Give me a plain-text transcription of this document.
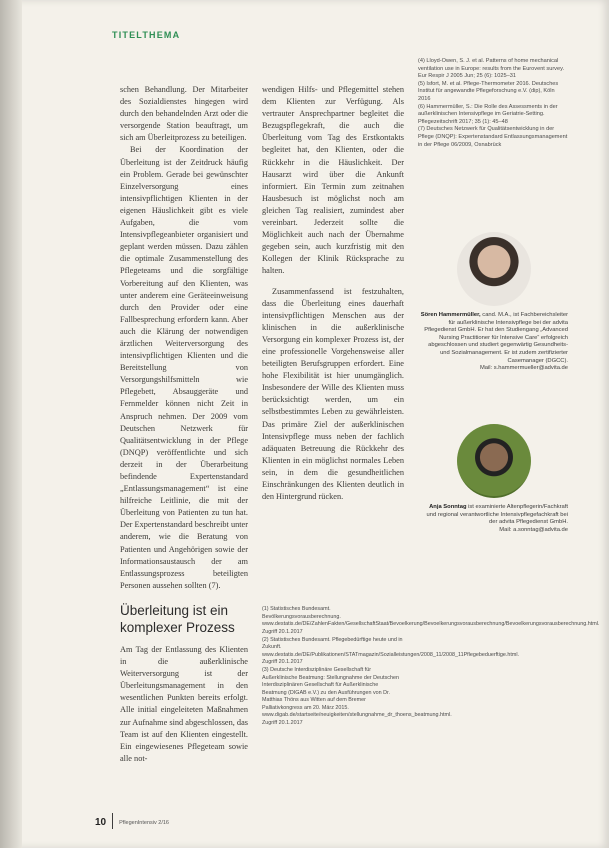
TITELTHEMA

schen Behandlung. Der Mitarbeiter des Sozialdienstes hingegen wird durch den behandelnden Arzt oder die versorgende Station beauftragt, um sich am Überleitprozess zu beteiligen.

Bei der Koordination der Überleitung ist der Zeitdruck häufig ein Problem. Gerade bei gewünschter Einzelversorgung eines intensivpflichtigen Klienten in der eigenen Häuslichkeit gibt es viele Aufgaben, die vom Intensivpflegeanbieter organisiert und geplant werden müssen. Dazu zählen die optimale Zusammenstellung des Pflegeteams und die sorgfältige Vorbereitung auf den Klienten, was unter anderem eine Geräteeinweisung durch den Provider oder eine Fallbesprechung erfordern kann. Aber auch die Klärung der notwendigen ärztlichen Weiterversorgung des intensivpflichtigen Klienten und die Bereitstellung von Versorgungshilfsmitteln wie Pflegebett, Absauggeräte und Fernmelder können nicht Zeit in Anspruch nehmen. Der 2009 vom Deutschen Netzwerk für Qualitätsentwicklung in der Pflege (DNQP) veröffentlichte und sich derzeit in der Überarbeitung befindende Expertenstandard „Entlassungsmanagement“ ist eine hilfreiche Leitlinie, die mit der Überleitung von Patienten zu tun hat. Der Expertenstandard beschreibt unter anderem, wie die Beratung von Patienten und Angehörigen sowie der Informationsaustausch der am Entlassungsprozess beteiligten Personen aussehen sollten (7).

Überleitung ist ein komplexer Prozess

Am Tag der Entlassung des Klienten in die außerklinische Weiterversorgung ist der Überleitungsmanagement in den wesentlichen Punkten bereits erfolgt. Alle initial eingeleiteten Maßnahmen zur Aufnahme sind abgeschlossen, das Team ist auf den Klienten eingestellt. Ein eingewiesenes Pflegeteam sowie alle not-

wendigen Hilfs- und Pflegemittel stehen dem Klienten zur Verfügung. Als vertrauter Ansprechpartner begleitet die Bezugspflegekraft, die auch die Überleitung vom Tag des Erstkontakts begleitet hat, den Klienten, oder die Rückkehr in die Häuslichkeit. Der Hausarzt wird über die Ankunft informiert. Ein Termin zum zeitnahen Hausbesuch ist möglichst noch am gleichen Tag realisiert, zumindest aber vereinbart. Jederzeit sollte die Möglichkeit auch nach der Übernahme gegeben sein, auch kurzfristig mit den Kollegen der Klinik Rücksprache zu halten.

Zusammenfassend ist festzuhalten, dass die Überleitung eines dauerhaft intensivpflichtigen Menschen aus der klinischen in die außerklinische Versorgung ein komplexer Prozess ist, der eine professionelle Vorgehensweise aller beteiligten Berufsgruppen erfordert. Eine hohe Flexibilität ist hier unumgänglich. Insbesondere der Wille des Klienten muss berücksichtigt werden, um ein selbstbestimmtes Leben zu gewährleisten. Das primäre Ziel der außerklinischen Intensivpflege muss neben der fachlich adäquaten Betreuung die Rückkehr des Klienten in ein möglichst normales Leben sein, in dem die gesundheitlichen Einschränkungen des Klienten deutlich in den Hintergrund rücken.

(1) Statistisches Bundesamt. Bevölkerungsvorausberechnung. www.destatis.de/DE/ZahlenFakten/GesellschaftStaat/Bevoelkerung/Bevoelkerungsvorausberechnung/Bevoelkerungsvorausberechnung.html. Zugriff 20.1.2017
(2) Statistisches Bundesamt. Pflegebedürftige heute und in Zukunft. www.destatis.de/DE/Publikationen/STATmagazin/Sozialleistungen/2008_11/2008_11Pflegebeduerftige.html. Zugriff 20.1.2017
(3) Deutsche Interdisziplinäre Gesellschaft für Außerklinische Beatmung: Stellungnahme der Deutschen Interdisziplinären Gesellschaft für Außerklinische Beatmung (DIGAB e.V.) zu den Ausführungen von Dr. Matthias Thöns aus Witten auf dem Bremer Palliativkongress am 20. März 2015. www.digab.de/startseite/neuigkeiten/stellungnahme_dr_thoens_beatmung.html. Zugriff 20.1.2017
(4) Lloyd-Owen, S. J. et al. Patterns of home mechanical ventilation use in Europe: results from the Eurovent survey. Eur Respir J 2005 Jun; 25 (6): 1025–31
(5) Isfort, M. et al. Pflege-Thermometer 2016. Deutsches Institut für angewandte Pflegeforschung e.V. (dip), Köln 2016
(6) Hammermüller, S.: Die Rolle des Assessments in der außerklinischen Intensivpflege im Geriatrie-Setting. Pflegezeitschrift 2017; 35 (1): 45–48
(7) Deutsches Netzwerk für Qualitätsentwicklung in der Pflege (DNQP): Expertenstandard Entlassungsmanagement in der Pflege 06/2009, Osnabrück
Sören Hammermüller, cand. M.A., ist Fachbereichsleiter für außerklinische Intensivpflege bei der advita Pflegedienst GmbH. Er hat den Studiengang „Advanced Nursing Practitioner für Intensive Care“ erfolgreich abgeschlossen und studiert gegenwärtig Gesundheits- und Sozialmanagement. Er ist zudem zertifizierter Casemanager (DGCC).
Mail: s.hammermueller@advita.de
Anja Sonntag ist examinierte Altenpflegerin/Fachkraft und regional verantwortliche Intensivpflegefachkraft bei der advita Pflegedienst GmbH.
Mail: a.sonntag@advita.de
10 PflegenIntensiv 2/16
